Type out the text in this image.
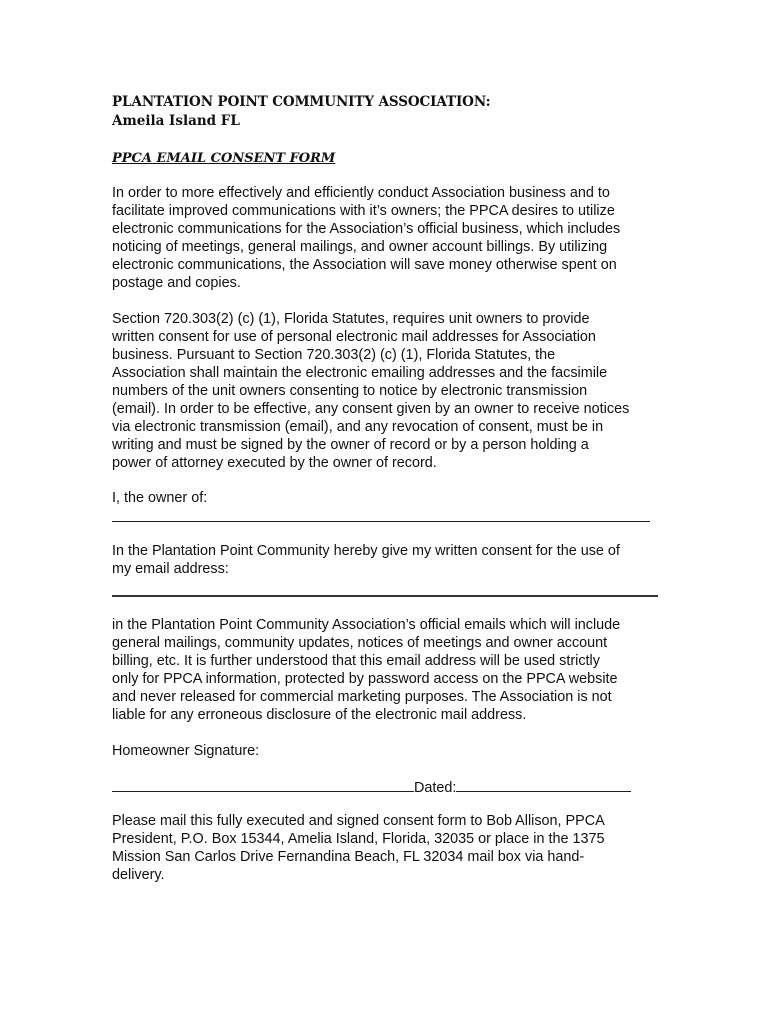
PLANTATION POINT COMMUNITY ASSOCIATION:
Ameila Island FL
PPCA EMAIL CONSENT FORM
In order to more effectively and efficiently conduct Association business and to
facilitate improved communications with it’s owners; the PPCA desires to utilize
electronic communications for the Association’s official business, which includes
noticing of meetings, general mailings, and owner account billings. By utilizing
electronic communications, the Association will save money otherwise spent on
postage and copies.
Section 720.303(2) (c) (1), Florida Statutes, requires unit owners to provide
written consent for use of personal electronic mail addresses for Association
business. Pursuant to Section 720.303(2) (c) (1), Florida Statutes, the
Association shall maintain the electronic emailing addresses and the facsimile
numbers of the unit owners consenting to notice by electronic transmission
(email). In order to be effective, any consent given by an owner to receive notices
via electronic transmission (email), and any revocation of consent, must be in
writing and must be signed by the owner of record or by a person holding a
power of attorney executed by the owner of record.
I, the owner of:
In the Plantation Point Community hereby give my written consent for the use of
my email address:
in the Plantation Point Community Association’s official emails which will include
general mailings, community updates, notices of meetings and owner account
billing, etc. It is further understood that this email address will be used strictly
only for PPCA information, protected by password access on the PPCA website
and never released for commercial marketing purposes. The Association is not
liable for any erroneous disclosure of the electronic mail address.
Homeowner Signature:
Dated:
Please mail this fully executed and signed consent form to Bob Allison, PPCA
President, P.O. Box 15344, Amelia Island, Florida, 32035 or place in the 1375
Mission San Carlos Drive Fernandina Beach, FL 32034 mail box via hand-
delivery.
